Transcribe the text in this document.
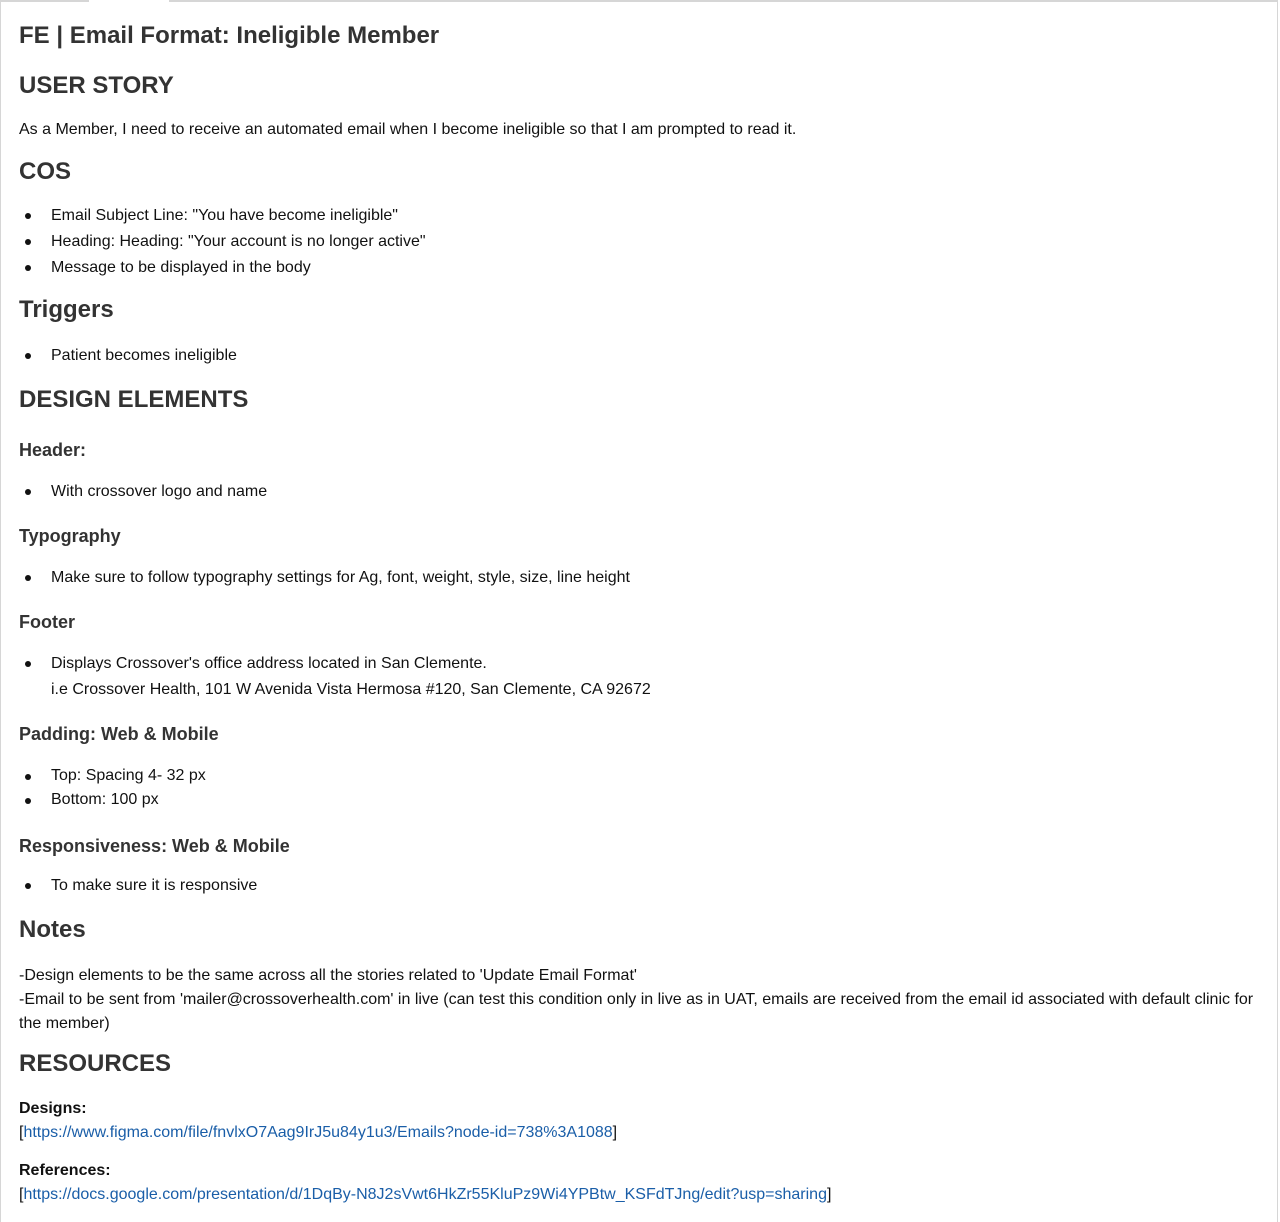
FE | Email Format: Ineligible Member
USER STORY

As a Member, I need to receive an automated email when I become ineligible so that I am prompted to read it.

COS
Email Subject Line: "You have become ineligible"
Heading: Heading: "Your account is no longer active"
Message to be displayed in the body
Triggers
Patient becomes ineligible
DESIGN ELEMENTS
Header:
With crossover logo and name
Typography
Make sure to follow typography settings for Ag, font, weight, style, size, line height
Footer
Displays Crossover's office address located in San Clemente.
i.e Crossover Health, 101 W Avenida Vista Hermosa #120, San Clemente, CA 92672
Padding: Web & Mobile
Top: Spacing 4- 32 px
Bottom: 100 px
Responsiveness: Web & Mobile
To make sure it is responsive
Notes

-Design elements to be the same across all the stories related to 'Update Email Format'

-Email to be sent from 'mailer@crossoverhealth.com' in live (can test this condition only in live as in UAT, emails are received from the email id associated with default clinic for the member)

RESOURCES
Designs:
[https://www.figma.com/file/fnvlxO7Aag9IrJ5u84y1u3/Emails?node-id=738%3A1088]
References:
[https://docs.google.com/presentation/d/1DqBy-N8J2sVwt6HkZr55KluPz9Wi4YPBtw_KSFdTJng/edit?usp=sharing]
